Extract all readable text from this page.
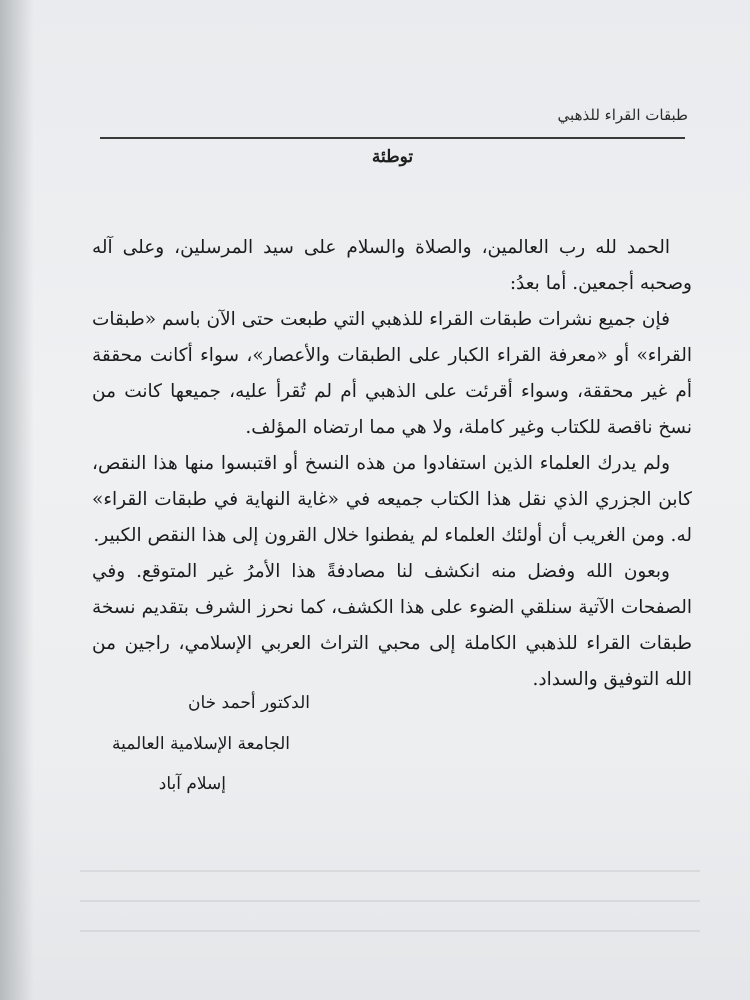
طبقات القراء للذهبي
توطئة

الحمد لله رب العالمين، والصلاة والسلام على سيد المرسلين، وعلى آله وصحبه أجمعين. أما بعدُ:

فإن جميع نشرات طبقات القراء للذهبي التي طبعت حتى الآن باسم «طبقات القراء» أو «معرفة القراء الكبار على الطبقات والأعصار»، سواء أكانت محققة أم غير محققة، وسواء أقرئت على الذهبي أم لم تُقرأ عليه، جميعها كانت من نسخ ناقصة للكتاب وغير كاملة، ولا هي مما ارتضاه المؤلف.

ولم يدرك العلماء الذين استفادوا من هذه النسخ أو اقتبسوا منها هذا النقص، كابن الجزري الذي نقل هذا الكتاب جميعه في «غاية النهاية في طبقات القراء» له. ومن الغريب أن أولئك العلماء لم يفطنوا خلال القرون إلى هذا النقص الكبير.

وبعون الله وفضل منه انكشف لنا مصادفةً هذا الأمرُ غير المتوقع. وفي الصفحات الآتية سنلقي الضوء على هذا الكشف، كما نحرز الشرف بتقديم نسخة طبقات القراء للذهبي الكاملة إلى محبي التراث العربي الإسلامي، راجين من الله التوفيق والسداد.

الدكتور أحمد خان
الجامعة الإسلامية العالمية
إسلام آباد
